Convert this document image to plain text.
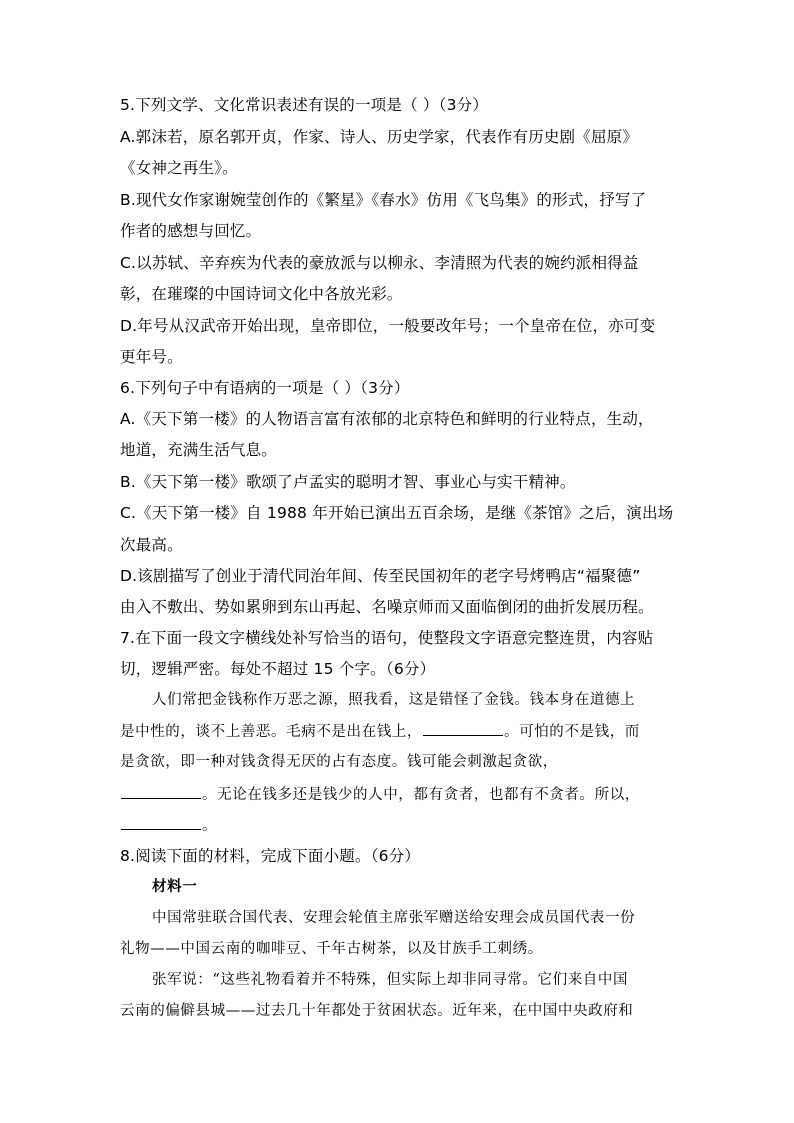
5.下列文学、文化常识表述有误的一项是（ ）（3分）
A.郭沫若，原名郭开贞，作家、诗人、历史学家，代表作有历史剧《屈原》
《女神之再生》。
B.现代女作家谢婉莹创作的《繁星》《春水》仿用《飞鸟集》的形式，抒写了
作者的感想与回忆。
C.以苏轼、辛弃疾为代表的豪放派与以柳永、李清照为代表的婉约派相得益
彰，在璀璨的中国诗词文化中各放光彩。
D.年号从汉武帝开始出现，皇帝即位，一般要改年号；一个皇帝在位，亦可变
更年号。
6.下列句子中有语病的一项是（ ）（3分）
A.《天下第一楼》的人物语言富有浓郁的北京特色和鲜明的行业特点，生动，
地道，充满生活气息。
B.《天下第一楼》歌颂了卢孟实的聪明才智、事业心与实干精神。
C.《天下第一楼》自 1988 年开始已演出五百余场，是继《茶馆》之后，演出场
次最高。
D.该剧描写了创业于清代同治年间、传至民国初年的老字号烤鸭店“福聚德”
由入不敷出、势如累卵到东山再起、名噪京师而又面临倒闭的曲折发展历程。
7.在下面一段文字横线处补写恰当的语句，使整段文字语意完整连贯，内容贴
切，逻辑严密。每处不超过 15 个字。（6分）
人们常把金钱称作万恶之源，照我看，这是错怪了金钱。钱本身在道德上
是中性的，谈不上善恶。毛病不是出在钱上，	。可怕的不是钱，而
是贪欲，即一种对钱贪得无厌的占有态度。钱可能会刺激起贪欲，
。无论在钱多还是钱少的人中，都有贪者，也都有不贪者。所以，
。
8.阅读下面的材料，完成下面小题。（6分）
材料一
中国常驻联合国代表、安理会轮值主席张军赠送给安理会成员国代表一份
礼物——中国云南的咖啡豆、千年古树茶，以及甘族手工刺绣。
张军说：“这些礼物看着并不特殊，但实际上却非同寻常。它们来自中国
云南的偏僻县城——过去几十年都处于贫困状态。近年来，在中国中央政府和
